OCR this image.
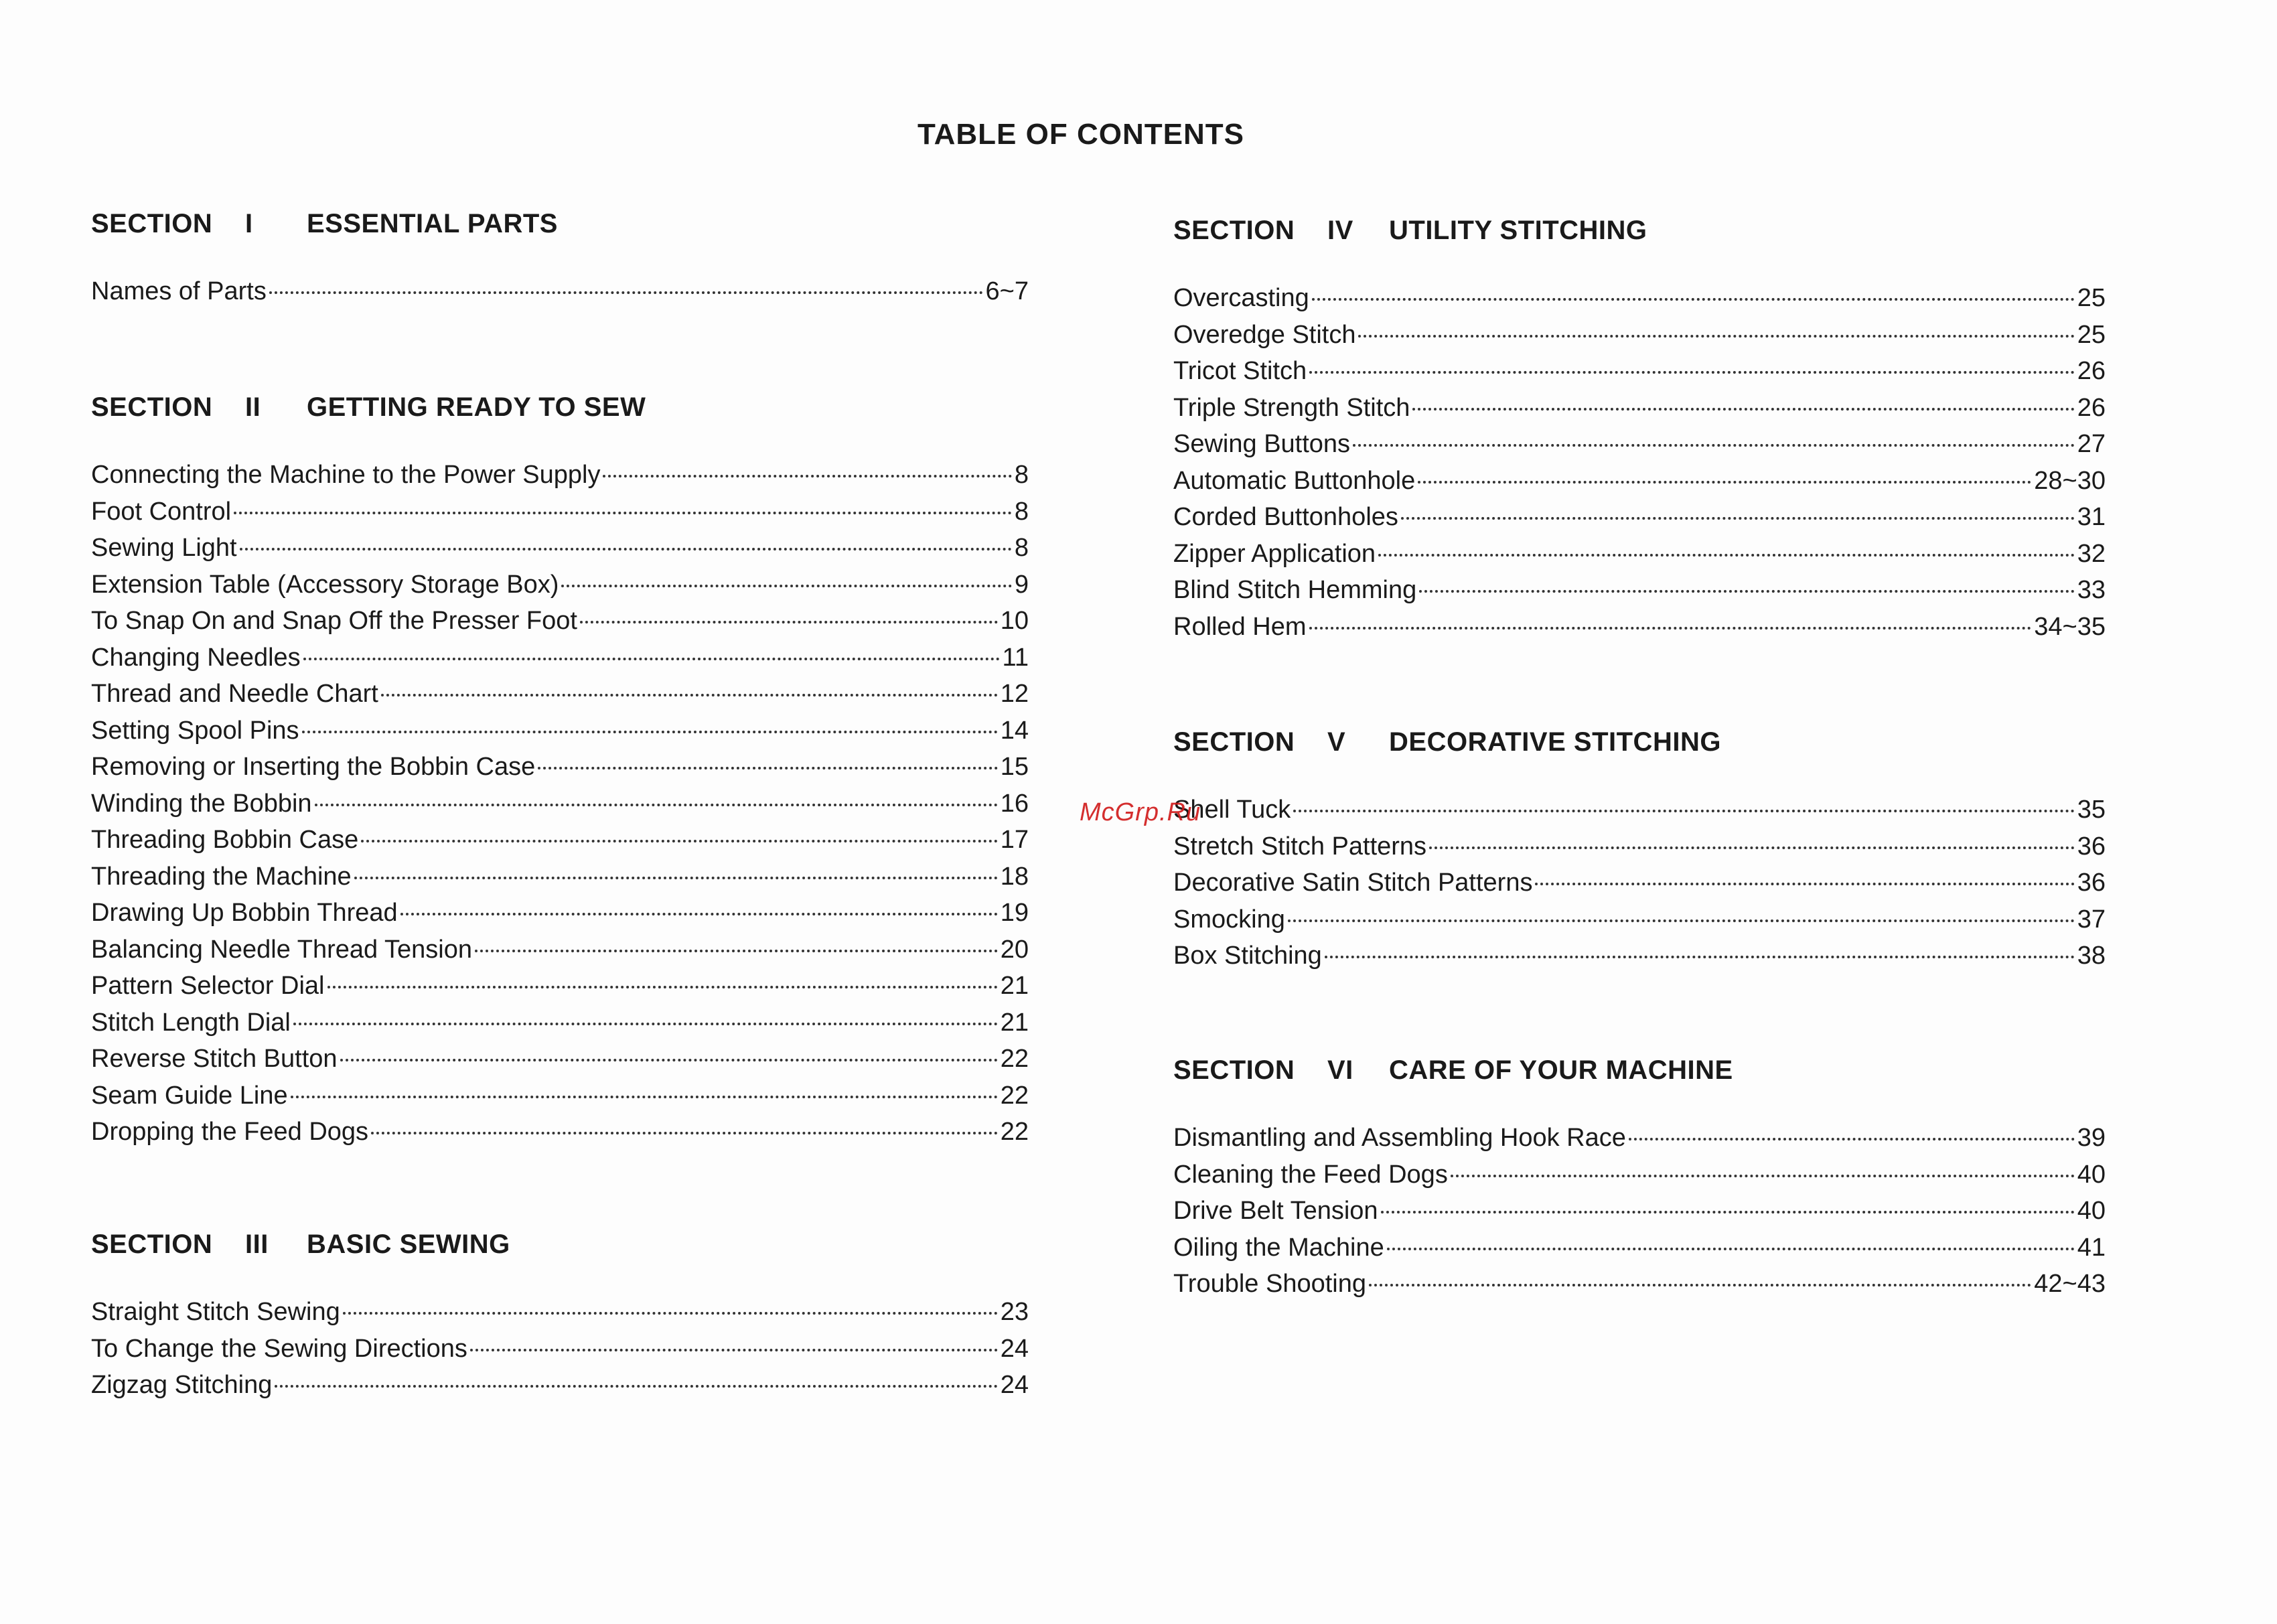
TABLE OF CONTENTS
SECTION I ESSENTIAL PARTS
Names of Parts	6~7
SECTION II GETTING READY TO SEW
Connecting the Machine to the Power Supply	8
Foot Control	8
Sewing Light	8
Extension Table (Accessory Storage Box)	9
To Snap On and Snap Off the Presser Foot	10
Changing Needles	11
Thread and Needle Chart	12
Setting Spool Pins	14
Removing or Inserting the Bobbin Case	15
Winding the Bobbin	16
Threading Bobbin Case	17
Threading the Machine	18
Drawing Up Bobbin Thread	19
Balancing Needle Thread Tension	20
Pattern Selector Dial	21
Stitch Length Dial	21
Reverse Stitch Button	22
Seam Guide Line	22
Dropping the Feed Dogs	22
SECTION III BASIC SEWING
Straight Stitch Sewing	23
To Change the Sewing Directions	24
Zigzag Stitching	24
SECTION IV UTILITY STITCHING
Overcasting	25
Overedge Stitch	25
Tricot Stitch	26
Triple Strength Stitch	26
Sewing Buttons	27
Automatic Buttonhole	28~30
Corded Buttonholes	31
Zipper Application	32
Blind Stitch Hemming	33
Rolled Hem	34~35
SECTION V DECORATIVE STITCHING
Shell Tuck	35
Stretch Stitch Patterns	36
Decorative Satin Stitch Patterns	36
Smocking	37
Box Stitching	38
SECTION VI CARE OF YOUR MACHINE
Dismantling and Assembling Hook Race	39
Cleaning the Feed Dogs	40
Drive Belt Tension	40
Oiling the Machine	41
Trouble Shooting	42~43
McGrp.Ru
